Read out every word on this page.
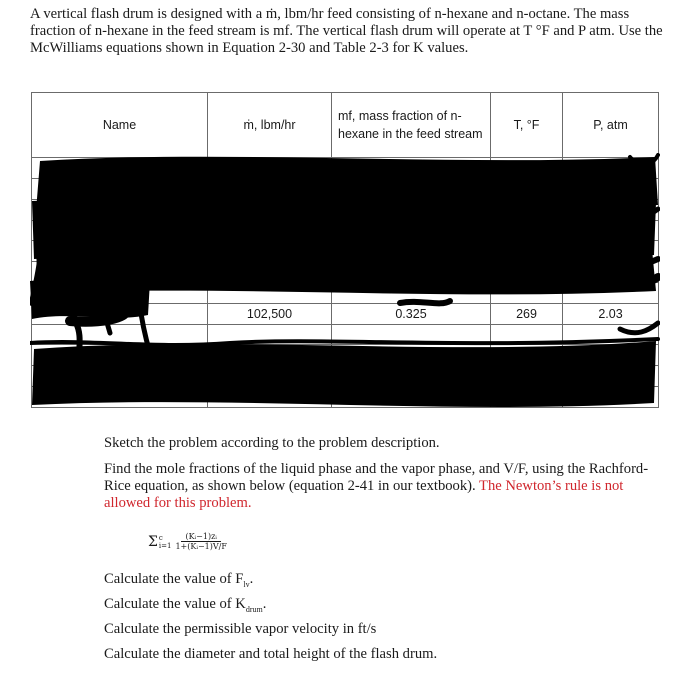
A vertical flash drum is designed with a ṁ, lbm/hr feed consisting of n-hexane and n-octane. The mass fraction of n-hexane in the feed stream is mf. The vertical flash drum will operate at T °F and P atm. Use the McWilliams equations shown in Equation 2-30 and Table 2-3 for K values.

Name	ṁ, lbm/hr	mf, mass fraction of n-hexane in the feed stream	T, °F	P, atm

	102,500	0.325	269	2.03

Sketch the problem according to the problem description.

Find the mole fractions of the liquid phase and the vapor phase, and V/F, using the Rachford-Rice equation, as shown below (equation 2-41 in our textbook). The Newton’s rule is not allowed for this problem.

Calculate the value of $F_{lv}$.

Calculate the value of $K_{drum}$.

Calculate the permissible vapor velocity in ft/s

Calculate the diameter and total height of the flash drum.

Σ c
$i=1 \frac{\text{(Kᵢ−1)zᵢ}}{\text{1+(Kᵢ−1)V/F}}$
